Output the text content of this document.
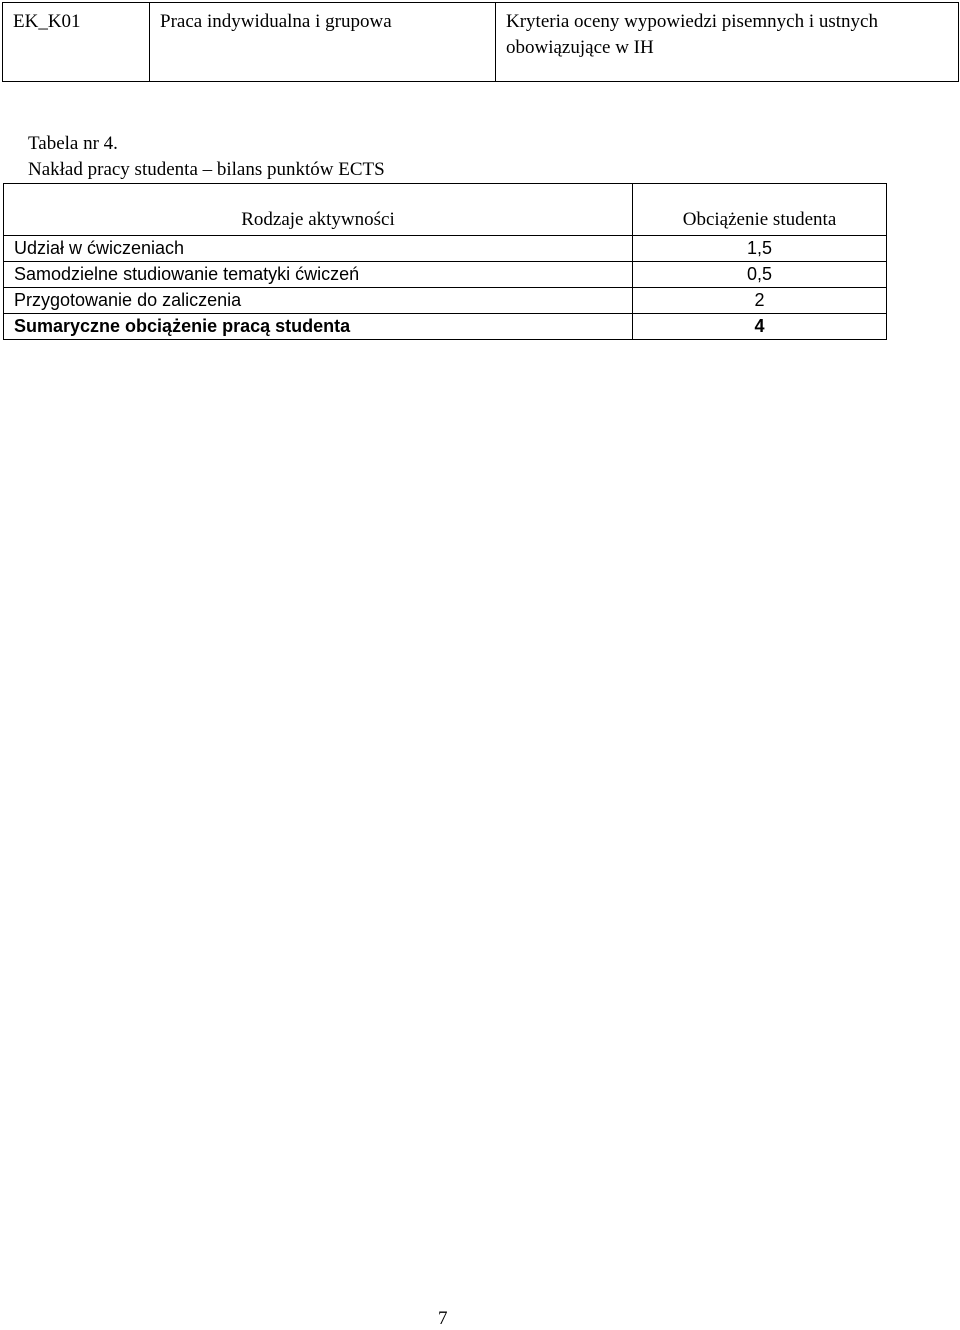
EK_K01	Praca indywidualna i grupowa	Kryteria oceny wypowiedzi pisemnych i ustnych obowiązujące w IH
Tabela nr 4.
Nakład pracy studenta – bilans punktów ECTS
Rodzaje aktywności	Obciążenie studenta
Udział w ćwiczeniach	1,5
Samodzielne studiowanie tematyki ćwiczeń	0,5
Przygotowanie do zaliczenia	2
Sumaryczne obciążenie pracą studenta	4
7
